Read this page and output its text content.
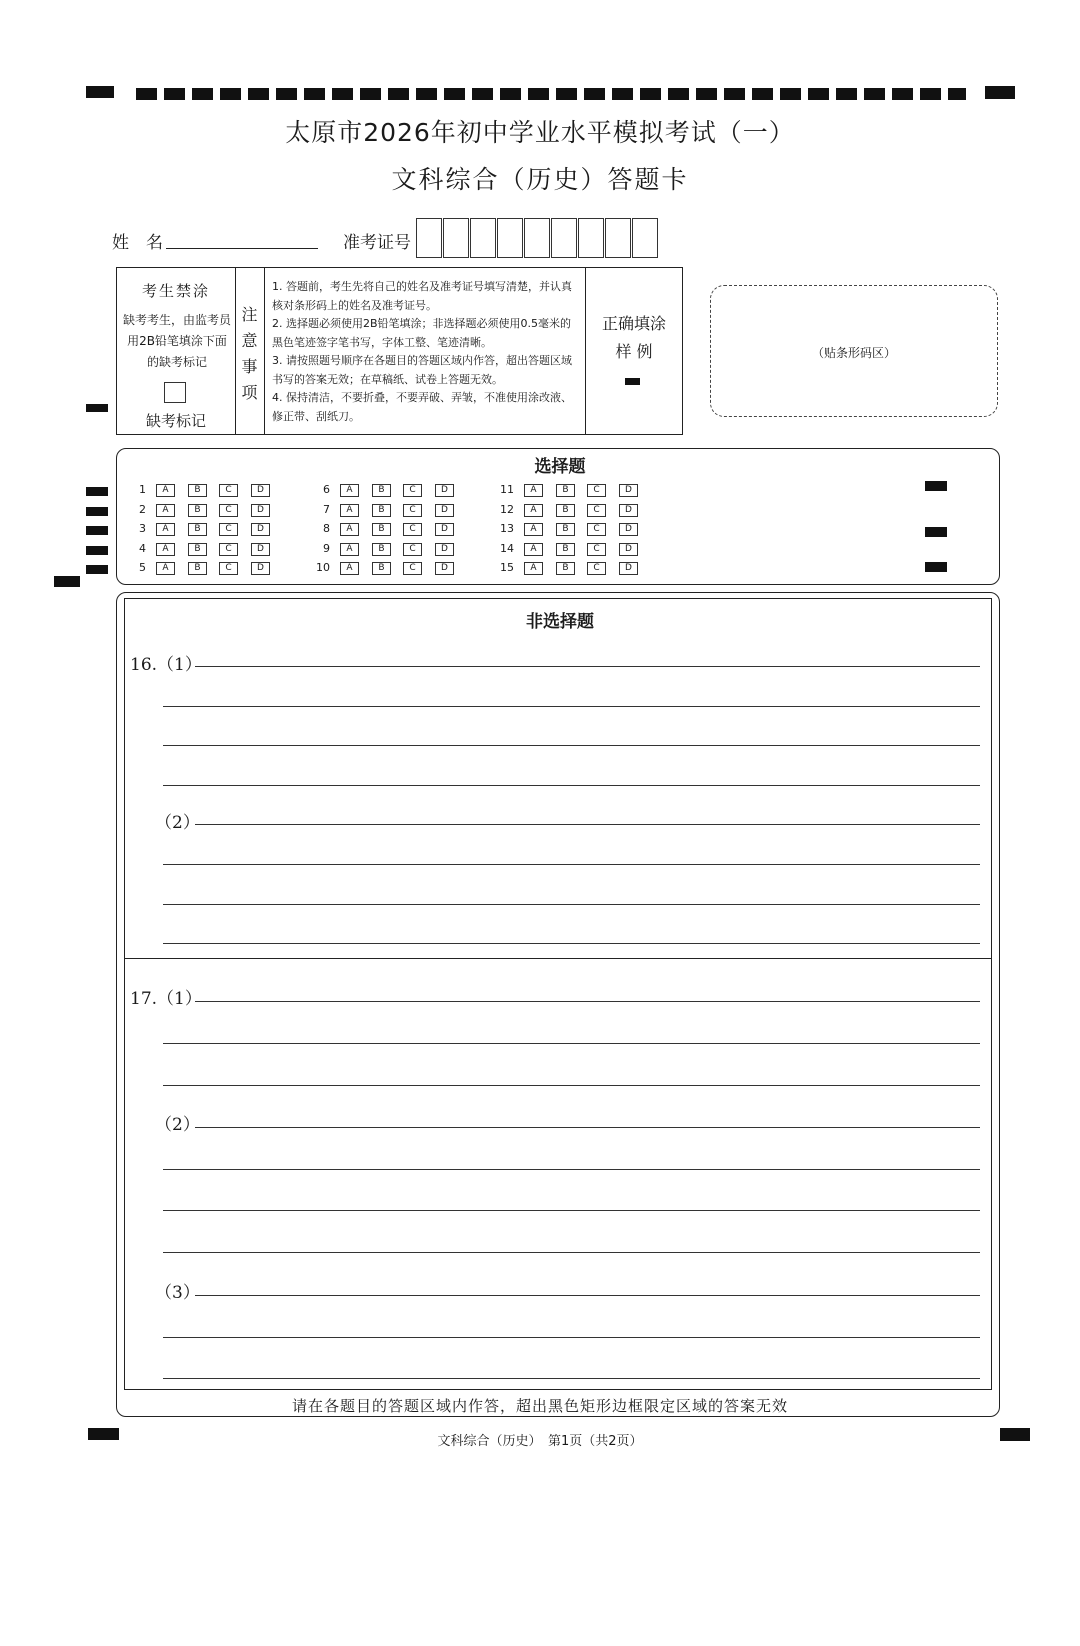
太原市2026年初中学业水平模拟考试（一）
文科综合（历史）答题卡
姓　名	准考证号
考生禁涂
缺考考生，由监考员用2B铅笔填涂下面的缺考标记
缺考标记
注意事项
1. 答题前，考生先将自己的姓名及准考证号填写清楚，并认真核对条形码上的姓名及准考证号。
2. 选择题必须使用2B铅笔填涂；非选择题必须使用0.5毫米的黑色笔迹签字笔书写，字体工整、笔迹清晰。
3. 请按照题号顺序在各题目的答题区域内作答，超出答题区域书写的答案无效；在草稿纸、试卷上答题无效。
4. 保持清洁，不要折叠，不要弄破、弄皱，不准使用涂改液、修正带、刮纸刀。
正确填涂
样 例	（贴条形码区）
选择题
1	A	B	C	D
2	A	B	C	D
3	A	B	C	D
4	A	B	C	D
5	A	B	C	D
6	A	B	C	D
7	A	B	C	D
8	A	B	C	D
9	A	B	C	D
10	A	B	C	D
11	A	B	C	D
12	A	B	C	D
13	A	B	C	D
14	A	B	C	D
15	A	B	C	D
非选择题
16.（1）
（2）
17.（1）
（2）
（3）
请在各题目的答题区域内作答，超出黑色矩形边框限定区域的答案无效
文科综合（历史）　第1页（共2页）
